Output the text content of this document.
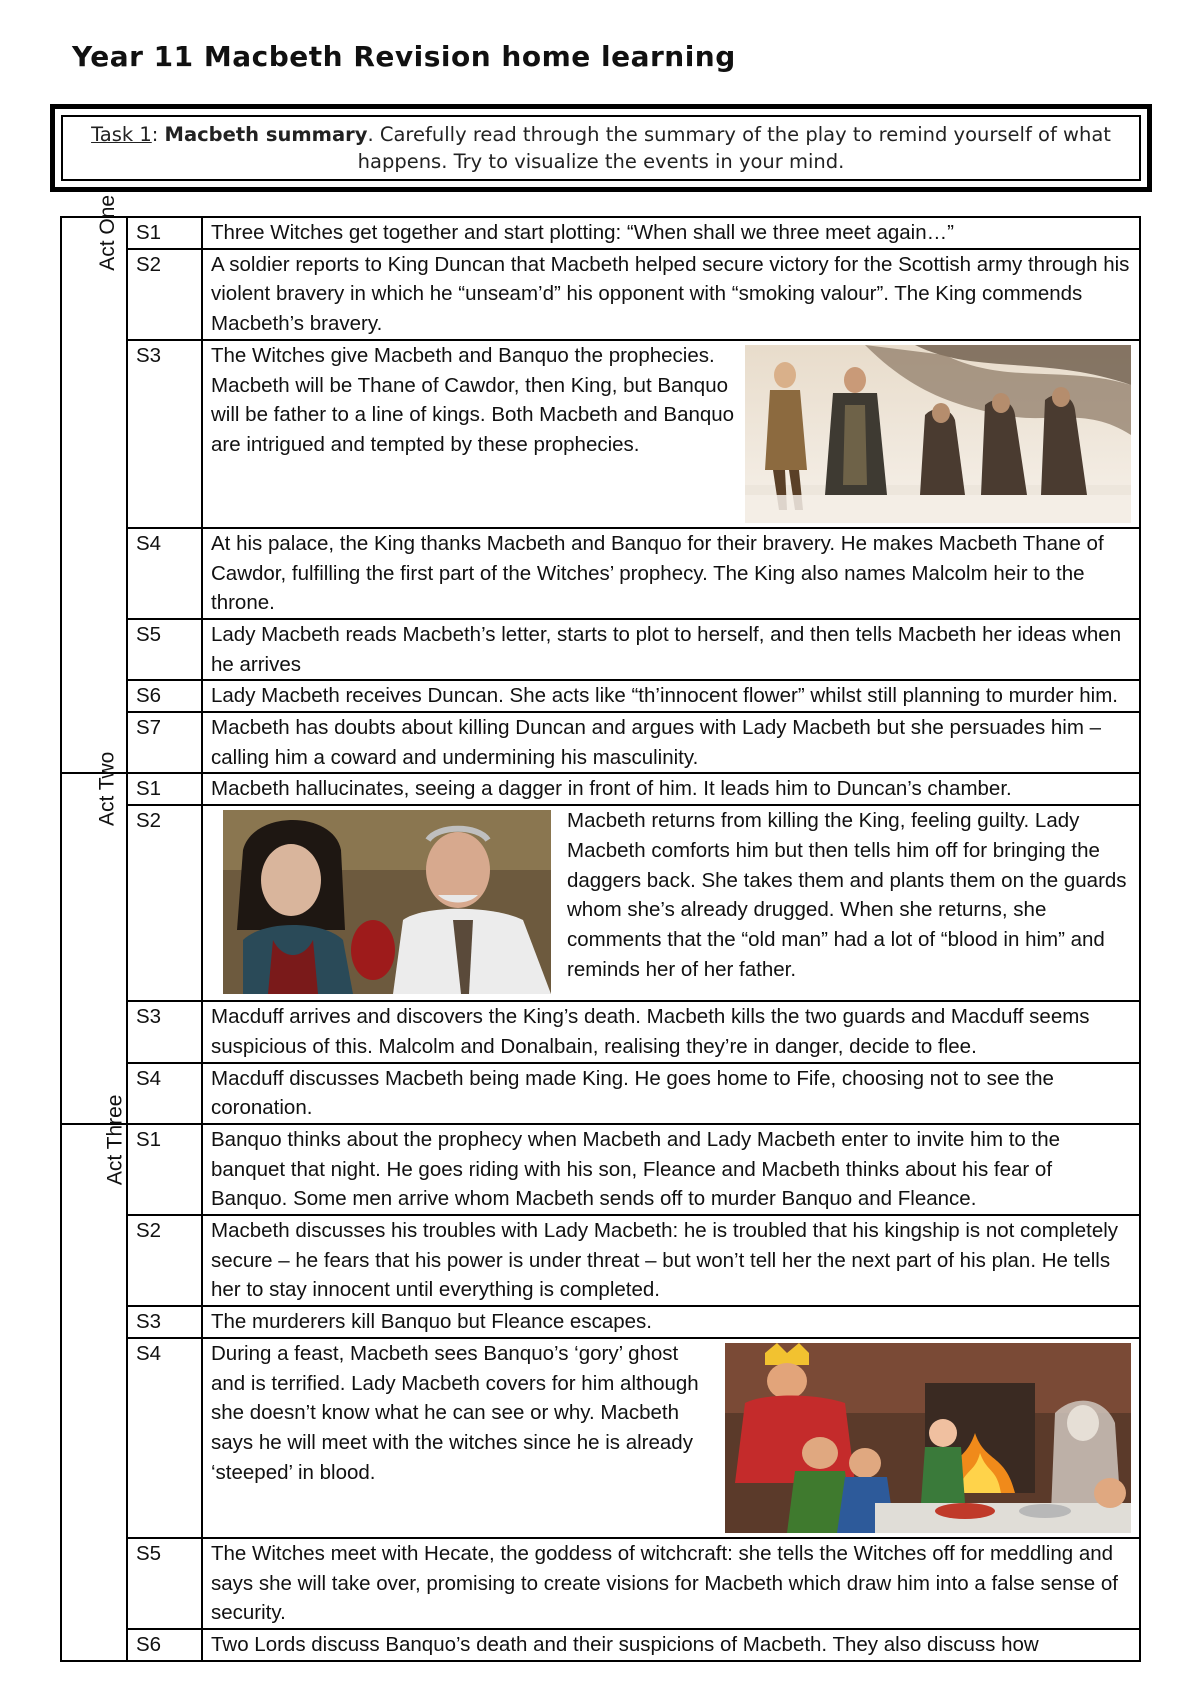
Year 11 Macbeth Revision home learning
Task 1: Macbeth summary. Carefully read through the summary of the play to remind yourself of what happens. Try to visualize the events in your mind.
Act One	S1	Three Witches get together and start plotting: “When shall we three meet again…”
	S2	A soldier reports to King Duncan that Macbeth helped secure victory for the Scottish army through his violent bravery in which he “unseam’d” his opponent with “smoking valour”. The King commends Macbeth’s bravery.
	S3	The Witches give Macbeth and Banquo the prophecies. Macbeth will be Thane of Cawdor, then King, but Banquo will be father to a line of kings. Both Macbeth and Banquo are intrigued and tempted by these prophecies.
	S4	At his palace, the King thanks Macbeth and Banquo for their bravery. He makes Macbeth Thane of Cawdor, fulfilling the first part of the Witches’ prophecy. The King also names Malcolm heir to the throne.
	S5	Lady Macbeth reads Macbeth’s letter, starts to plot to herself, and then tells Macbeth her ideas when he arrives
	S6	Lady Macbeth receives Duncan. She acts like “th’innocent flower” whilst still planning to murder him.
	S7	Macbeth has doubts about killing Duncan and argues with Lady Macbeth but she persuades him – calling him a coward and undermining his masculinity.
Act Two	S1	Macbeth hallucinates, seeing a dagger in front of him. It leads him to Duncan’s chamber.
	S2	Macbeth returns from killing the King, feeling guilty. Lady Macbeth comforts him but then tells him off for bringing the daggers back. She takes them and plants them on the guards whom she’s already drugged. When she returns, she comments that the “old man” had a lot of “blood in him” and reminds her of her father.
	S3	Macduff arrives and discovers the King’s death. Macbeth kills the two guards and Macduff seems suspicious of this. Malcolm and Donalbain, realising they’re in danger, decide to flee.
	S4	Macduff discusses Macbeth being made King. He goes home to Fife, choosing not to see the coronation.
Act Three	S1	Banquo thinks about the prophecy when Macbeth and Lady Macbeth enter to invite him to the banquet that night. He goes riding with his son, Fleance and Macbeth thinks about his fear of Banquo. Some men arrive whom Macbeth sends off to murder Banquo and Fleance.
	S2	Macbeth discusses his troubles with Lady Macbeth: he is troubled that his kingship is not completely secure – he fears that his power is under threat – but won’t tell her the next part of his plan. He tells her to stay innocent until everything is completed.
	S3	The murderers kill Banquo but Fleance escapes.
	S4	During a feast, Macbeth sees Banquo’s ‘gory’ ghost and is terrified. Lady Macbeth covers for him although she doesn’t know what he can see or why. Macbeth says he will meet with the witches since he is already ‘steeped’ in blood.
	S5	The Witches meet with Hecate, the goddess of witchcraft: she tells the Witches off for meddling and says she will take over, promising to create visions for Macbeth which draw him into a false sense of security.
	S6	Two Lords discuss Banquo’s death and their suspicions of Macbeth. They also discuss how
